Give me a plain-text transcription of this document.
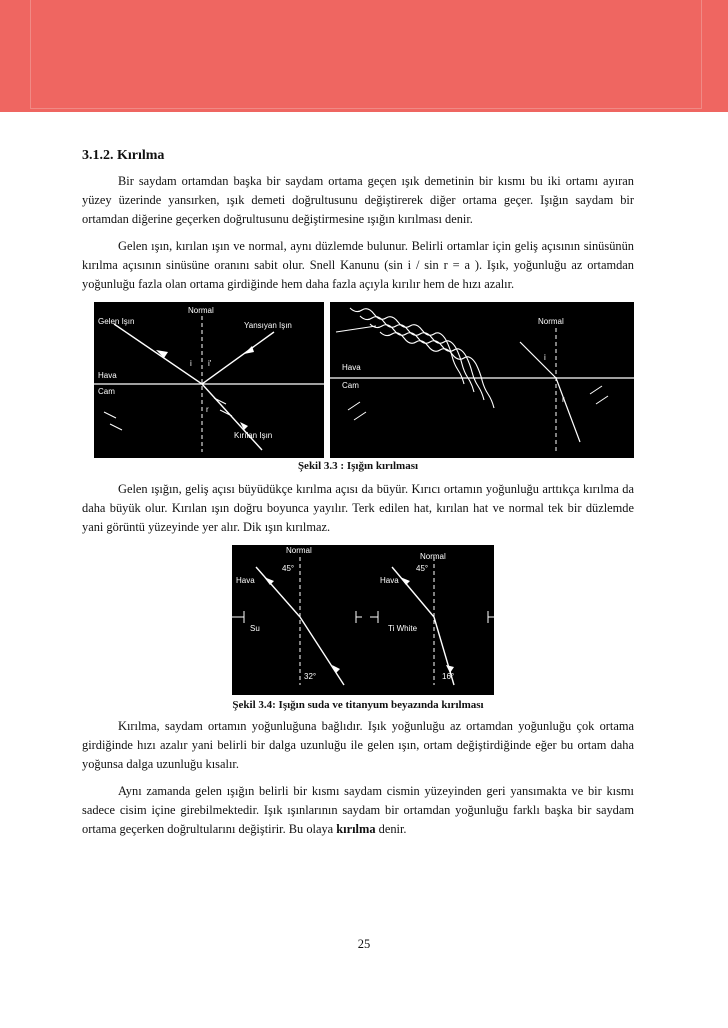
3.1.2. Kırılma

Bir saydam ortamdan başka bir saydam ortama geçen ışık demetinin bir kısmı bu iki ortamı ayıran yüzey üzerinde yansırken, ışık demeti doğrultusunu değiştirerek diğer ortama geçer. Işığın saydam bir ortamdan diğerine geçerken doğrultusunu değiştirmesine ışığın kırılması denir.

Gelen ışın, kırılan ışın ve normal, aynı düzlemde bulunur. Belirli ortamlar için geliş açısının sinüsünün kırılma açısının sinüsüne oranını sabit olur. Snell Kanunu (sin i / sin r = a ). Işık, yoğunluğu az ortamdan yoğunluğu fazla olan ortama girdiğinde hem daha fazla açıyla kırılır hem de hızı azalır.

Normal
Gelen Işın	Yansıyan Işın
Hava
Cam
Kırılan Işın
i i'
r
Normal
Hava
Cam
i
r
Şekil 3.3 : Işığın kırılması

Gelen ışığın, geliş açısı büyüdükçe kırılma açısı da büyür. Kırıcı ortamın yoğunluğu arttıkça kırılma da daha büyük olur. Kırılan ışın doğru boyunca yayılır. Terk edilen hat, kırılan hat ve normal tek bir düzlemde yani görüntü yüzeyinde yer alır. Dik ışın kırılmaz.

Normal
Hava
Su
45°
32°
Normal
Hava
Ti White
45°
16°
Şekil 3.4: Işığın suda ve titanyum beyazında kırılması

Kırılma, saydam ortamın yoğunluğuna bağlıdır. Işık yoğunluğu az ortamdan yoğunluğu çok ortama girdiğinde hızı azalır yani belirli bir dalga uzunluğu ile gelen ışın, ortam değiştirdiğinde eğer bu ortam daha yoğunsa dalga uzunluğu kısalır.

Aynı zamanda gelen ışığın belirli bir kısmı saydam cismin yüzeyinden geri yansımakta ve bir kısmı sadece cisim içine girebilmektedir. Işık ışınlarının saydam bir ortamdan yoğunluğu farklı başka bir saydam ortama geçerken doğrultularını değiştirir. Bu olaya kırılma denir.

25
